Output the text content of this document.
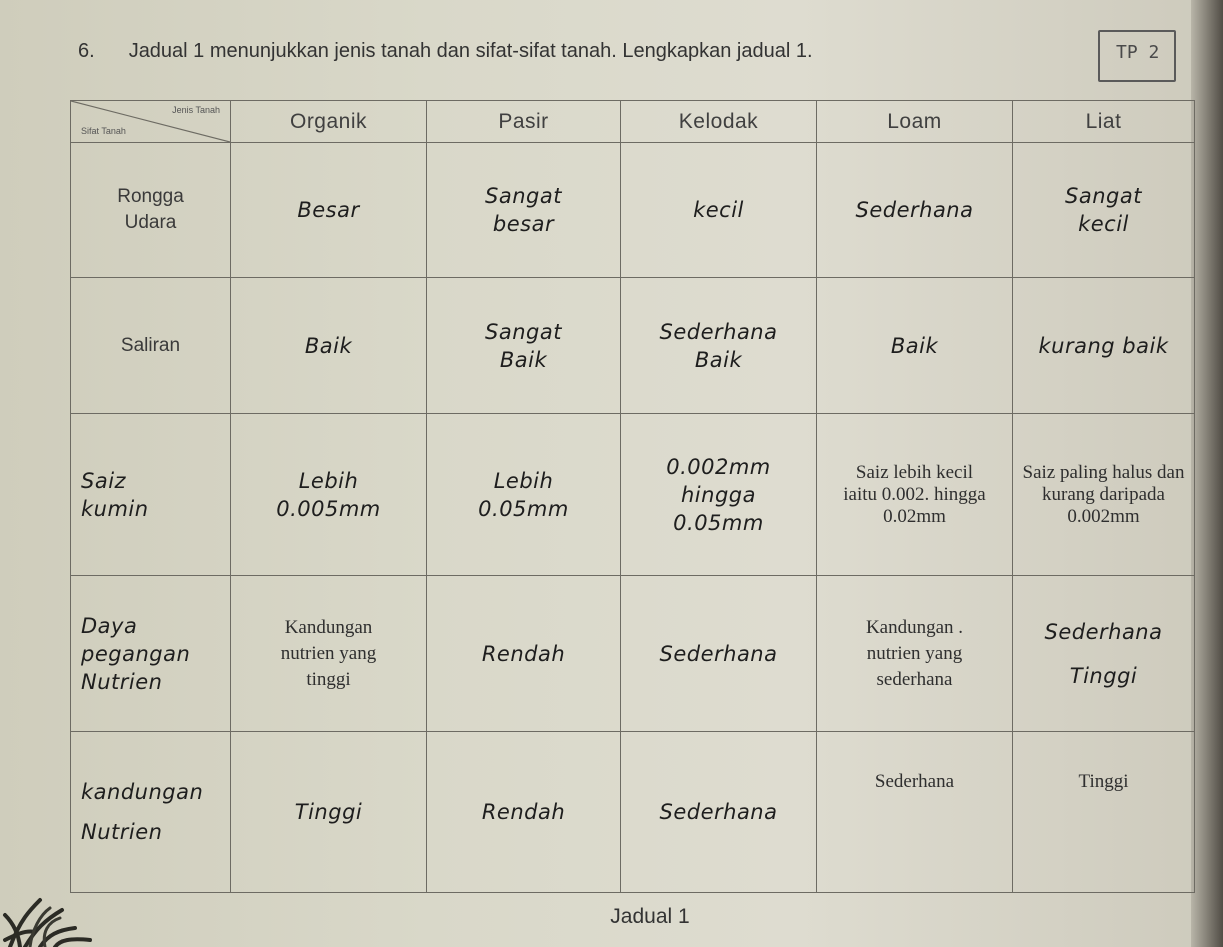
6. Jadual 1 menunjukkan jenis tanah dan sifat-sifat tanah. Lengkapkan jadual 1.	TP 2
Jenis Tanah
Sifat Tanah	Organik	Pasir	Kelodak	Loam	Liat

Rongga Udara	Besar	Sangat besar	kecil	Sederhana	Sangat kecil

Saliran	Baik	Sangat Baik	Sederhana Baik	Baik	kurang baik

Saiz kumin	Lebih 0.005mm	Lebih 0.05mm	0.002mm hingga 0.05mm	Saiz lebih kecil iaitu 0.002. hingga 0.02mm	Saiz paling halus dan kurang daripada 0.002mm

Daya pegangan Nutrien	Kandungan nutrien yang tinggi	Rendah	Sederhana	Kandungan . nutrien yang sederhana	Sederhana Tinggi

kandungan Nutrien	Tinggi	Rendah	Sederhana	Sederhana	Tinggi
Jadual 1
